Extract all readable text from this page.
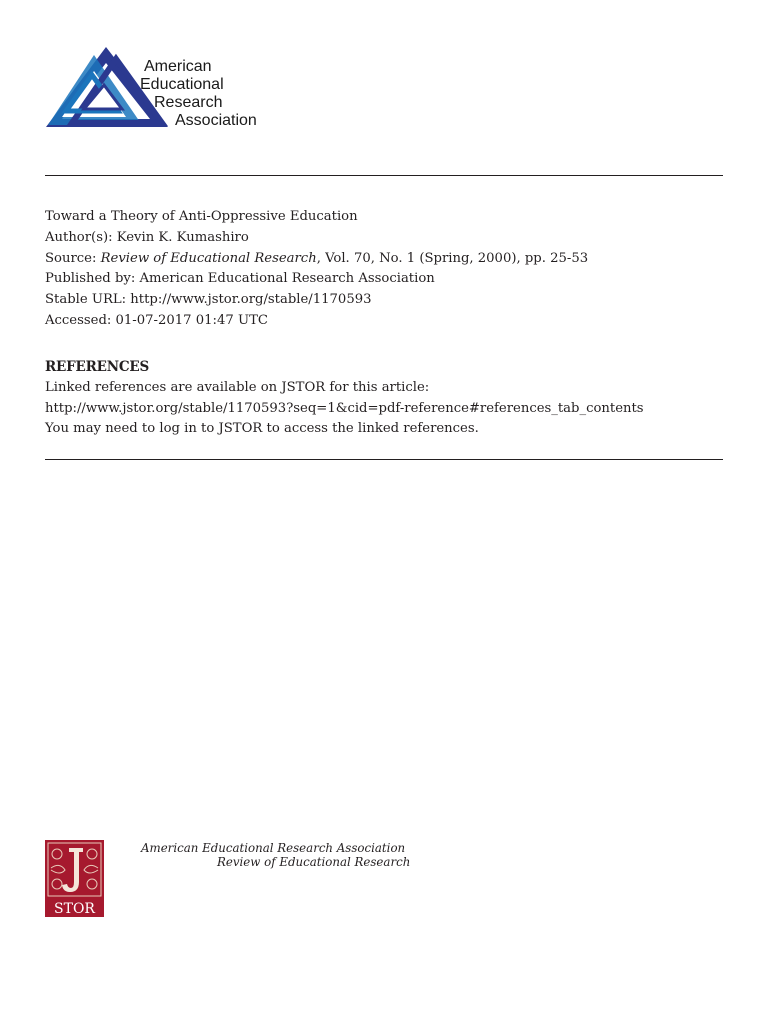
American
Educational
Research
Association
Toward a Theory of Anti-Oppressive Education
Author(s): Kevin K. Kumashiro
Source: Review of Educational Research, Vol. 70, No. 1 (Spring, 2000), pp. 25-53
Published by: American Educational Research Association
Stable URL: http://www.jstor.org/stable/1170593
Accessed: 01-07-2017 01:47 UTC
REFERENCES
Linked references are available on JSTOR for this article:
http://www.jstor.org/stable/1170593?seq=1&cid=pdf-reference#references_tab_contents
You may need to log in to JSTOR to access the linked references.
STOR
American Educational Research Association
Review of Educational Research
